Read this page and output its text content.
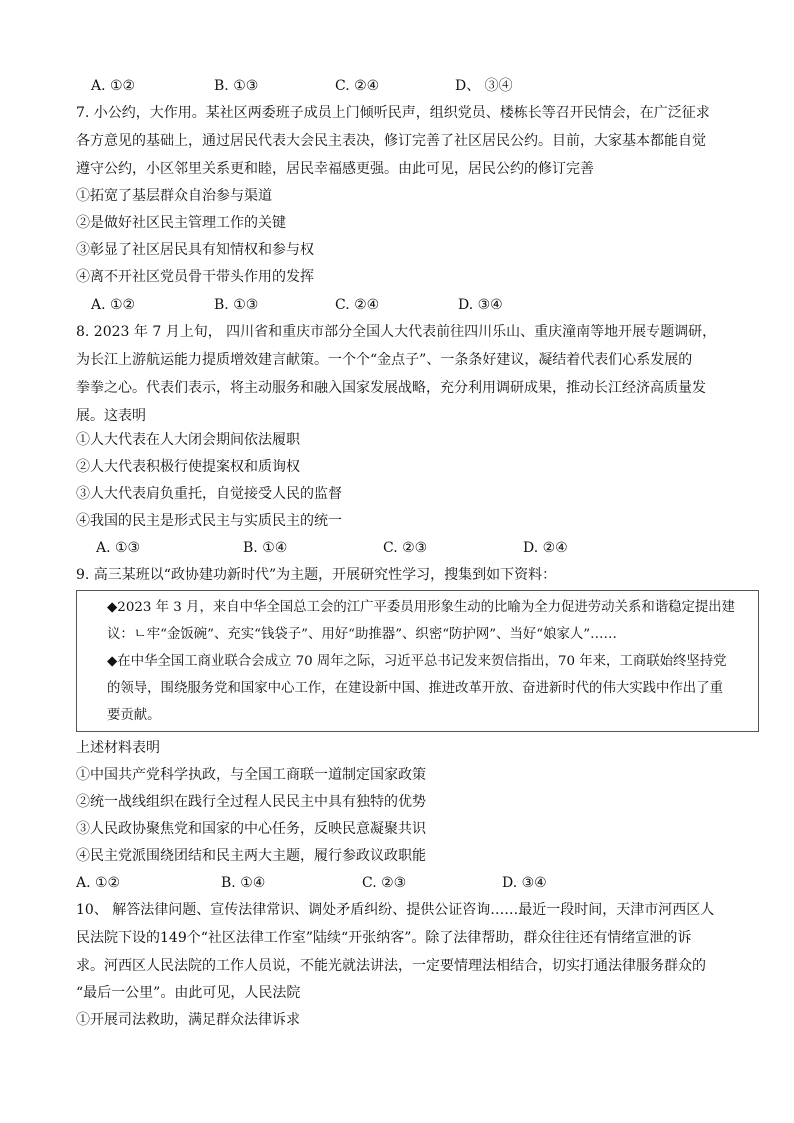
A. ①②	B. ①③	C. ②④	D、 ③④
7. 小公约，大作用。某社区两委班子成员上门倾听民声，组织党员、楼栋长等召开民情会，在广泛征求
各方意见的基础上，通过居民代表大会民主表决，修订完善了社区居民公约。目前，大家基本都能自觉
遵守公约，小区邻里关系更和睦，居民幸福感更强。由此可见，居民公约的修订完善
①拓宽了基层群众自治参与渠道
②是做好社区民主管理工作的关键
③彰显了社区居民具有知情权和参与权
④离不开社区党员骨干带头作用的发挥
A. ①②	B. ①③	C. ②④	D. ③④
8. 2023 年 7 月上旬， 四川省和重庆市部分全国人大代表前往四川乐山、重庆潼南等地开展专题调研，
为长江上游航运能力提质增效建言献策。一个个“金点子”、一条条好建议，凝结着代表们心系发展的
拳拳之心。代表们表示，将主动服务和融入国家发展战略，充分利用调研成果，推动长江经济高质量发
展。这表明
①人大代表在人大闭会期间依法履职
②人大代表积极行使提案权和质询权
③人大代表肩负重托，自觉接受人民的监督
④我国的民主是形式民主与实质民主的统一
A. ①③	B. ①④	C. ②③	D. ②④
9. 高三某班以“政协建功新时代”为主题，开展研究性学习，搜集到如下资料：
◆2023 年 3 月，来自中华全国总工会的江广平委员用形象生动的比喻为全力促进劳动关系和谐稳定提出建
议：ㄴ牢“金饭碗”、充实“钱袋子”、用好“助推器”、织密“防护网”、当好“娘家人”……
◆在中华全国工商业联合会成立 70 周年之际，习近平总书记发来贺信指出，70 年来，工商联始终坚持党
的领导，围绕服务党和国家中心工作，在建设新中国、推进改革开放、奋进新时代的伟大实践中作出了重
要贡献。
上述材料表明
①中国共产党科学执政，与全国工商联一道制定国家政策
②统一战线组织在践行全过程人民民主中具有独特的优势
③人民政协聚焦党和国家的中心任务，反映民意凝聚共识
④民主党派围绕团结和民主两大主题，履行参政议政职能
A. ①②	B. ①④	C. ②③	D. ③④
10、 解答法律问题、宣传法律常识、调处矛盾纠纷、提供公证咨询……最近一段时间，天津市河西区人
民法院下设的149个“社区法律工作室”陆续“开张纳客”。除了法律帮助，群众往往还有情绪宣泄的诉
求。河西区人民法院的工作人员说，不能光就法讲法，一定要情理法相结合，切实打通法律服务群众的
“最后一公里”。由此可见，人民法院
①开展司法救助，满足群众法律诉求
